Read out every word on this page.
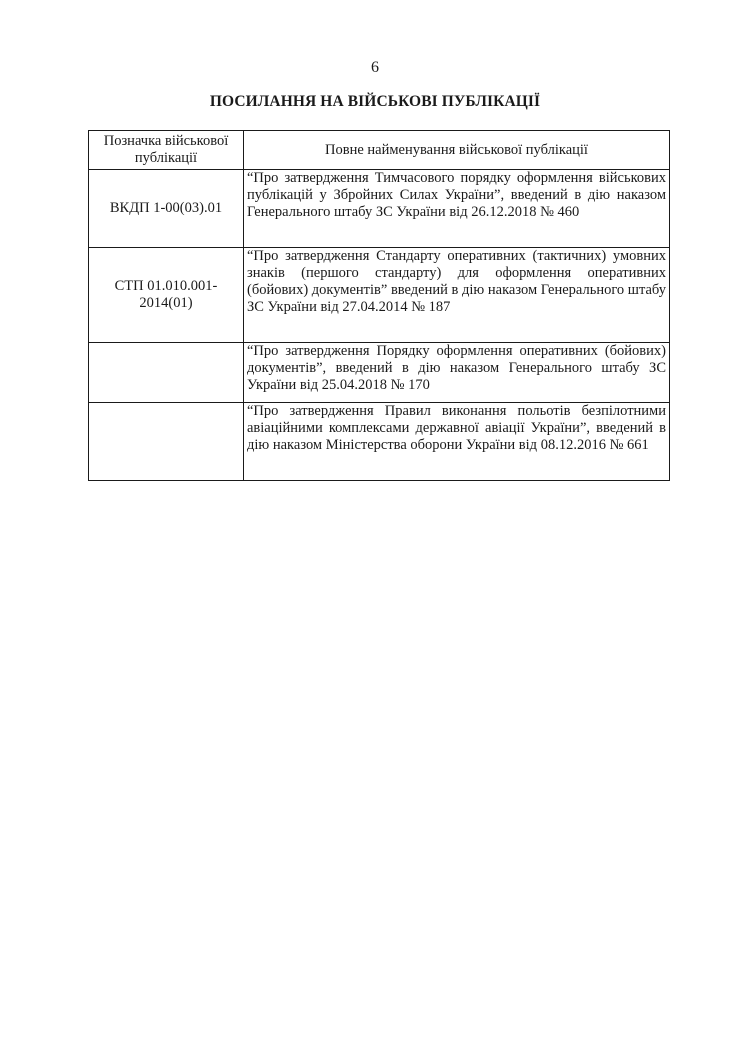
6
ПОСИЛАННЯ НА ВІЙСЬКОВІ ПУБЛІКАЦІЇ
Позначка військової публікації	Повне найменування військової публікації
ВКДП 1-00(03).01	“Про затвердження Тимчасового порядку оформлення військових публікацій у Збройних Силах України”, введений в дію наказом Генерального штабу ЗС України від 26.12.2018 № 460
СТП 01.010.001-2014(01)	“Про затвердження Стандарту оперативних (тактичних) умовних знаків (першого стандарту) для оформлення оперативних (бойових) документів” введений в дію наказом Генерального штабу ЗС України від 27.04.2014 № 187
	“Про затвердження Порядку оформлення оперативних (бойових) документів”, введений в дію наказом Генерального штабу ЗС України від 25.04.2018 № 170
	“Про затвердження Правил виконання польотів безпілотними авіаційними комплексами державної авіації України”, введений в дію наказом Міністерства оборони України від 08.12.2016 № 661
